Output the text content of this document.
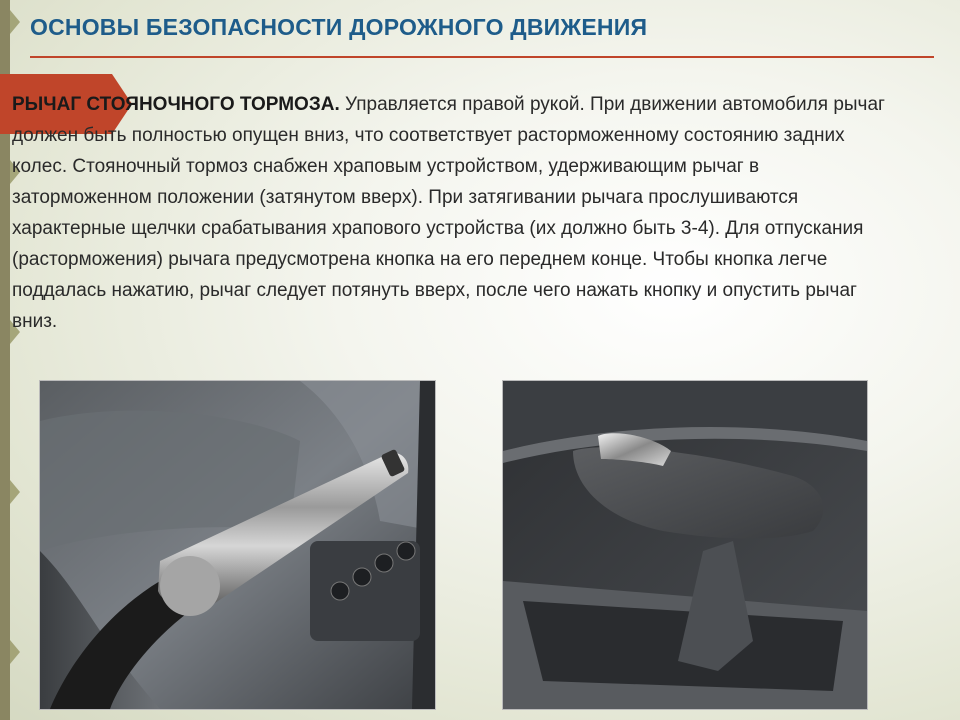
ОСНОВЫ БЕЗОПАСНОСТИ ДОРОЖНОГО ДВИЖЕНИЯ
РЫЧАГ СТОЯНОЧНОГО ТОРМОЗА. Управляется правой рукой. При движении автомобиля рычаг должен быть полностью опущен вниз, что соответствует расторможенному состоянию задних колес. Стояночный тормоз снабжен храповым устройством, удерживающим рычаг в заторможенном положении (затянутом вверх). При затягивании рычага прослушиваются характерные щелчки срабатывания храпового устройства (их должно быть 3-4). Для отпускания (расторможения) рычага предусмотрена кнопка на его переднем конце. Чтобы кнопка легче поддалась нажатию, рычаг следует потянуть вверх, после чего нажать кнопку и опустить рычаг вниз.
